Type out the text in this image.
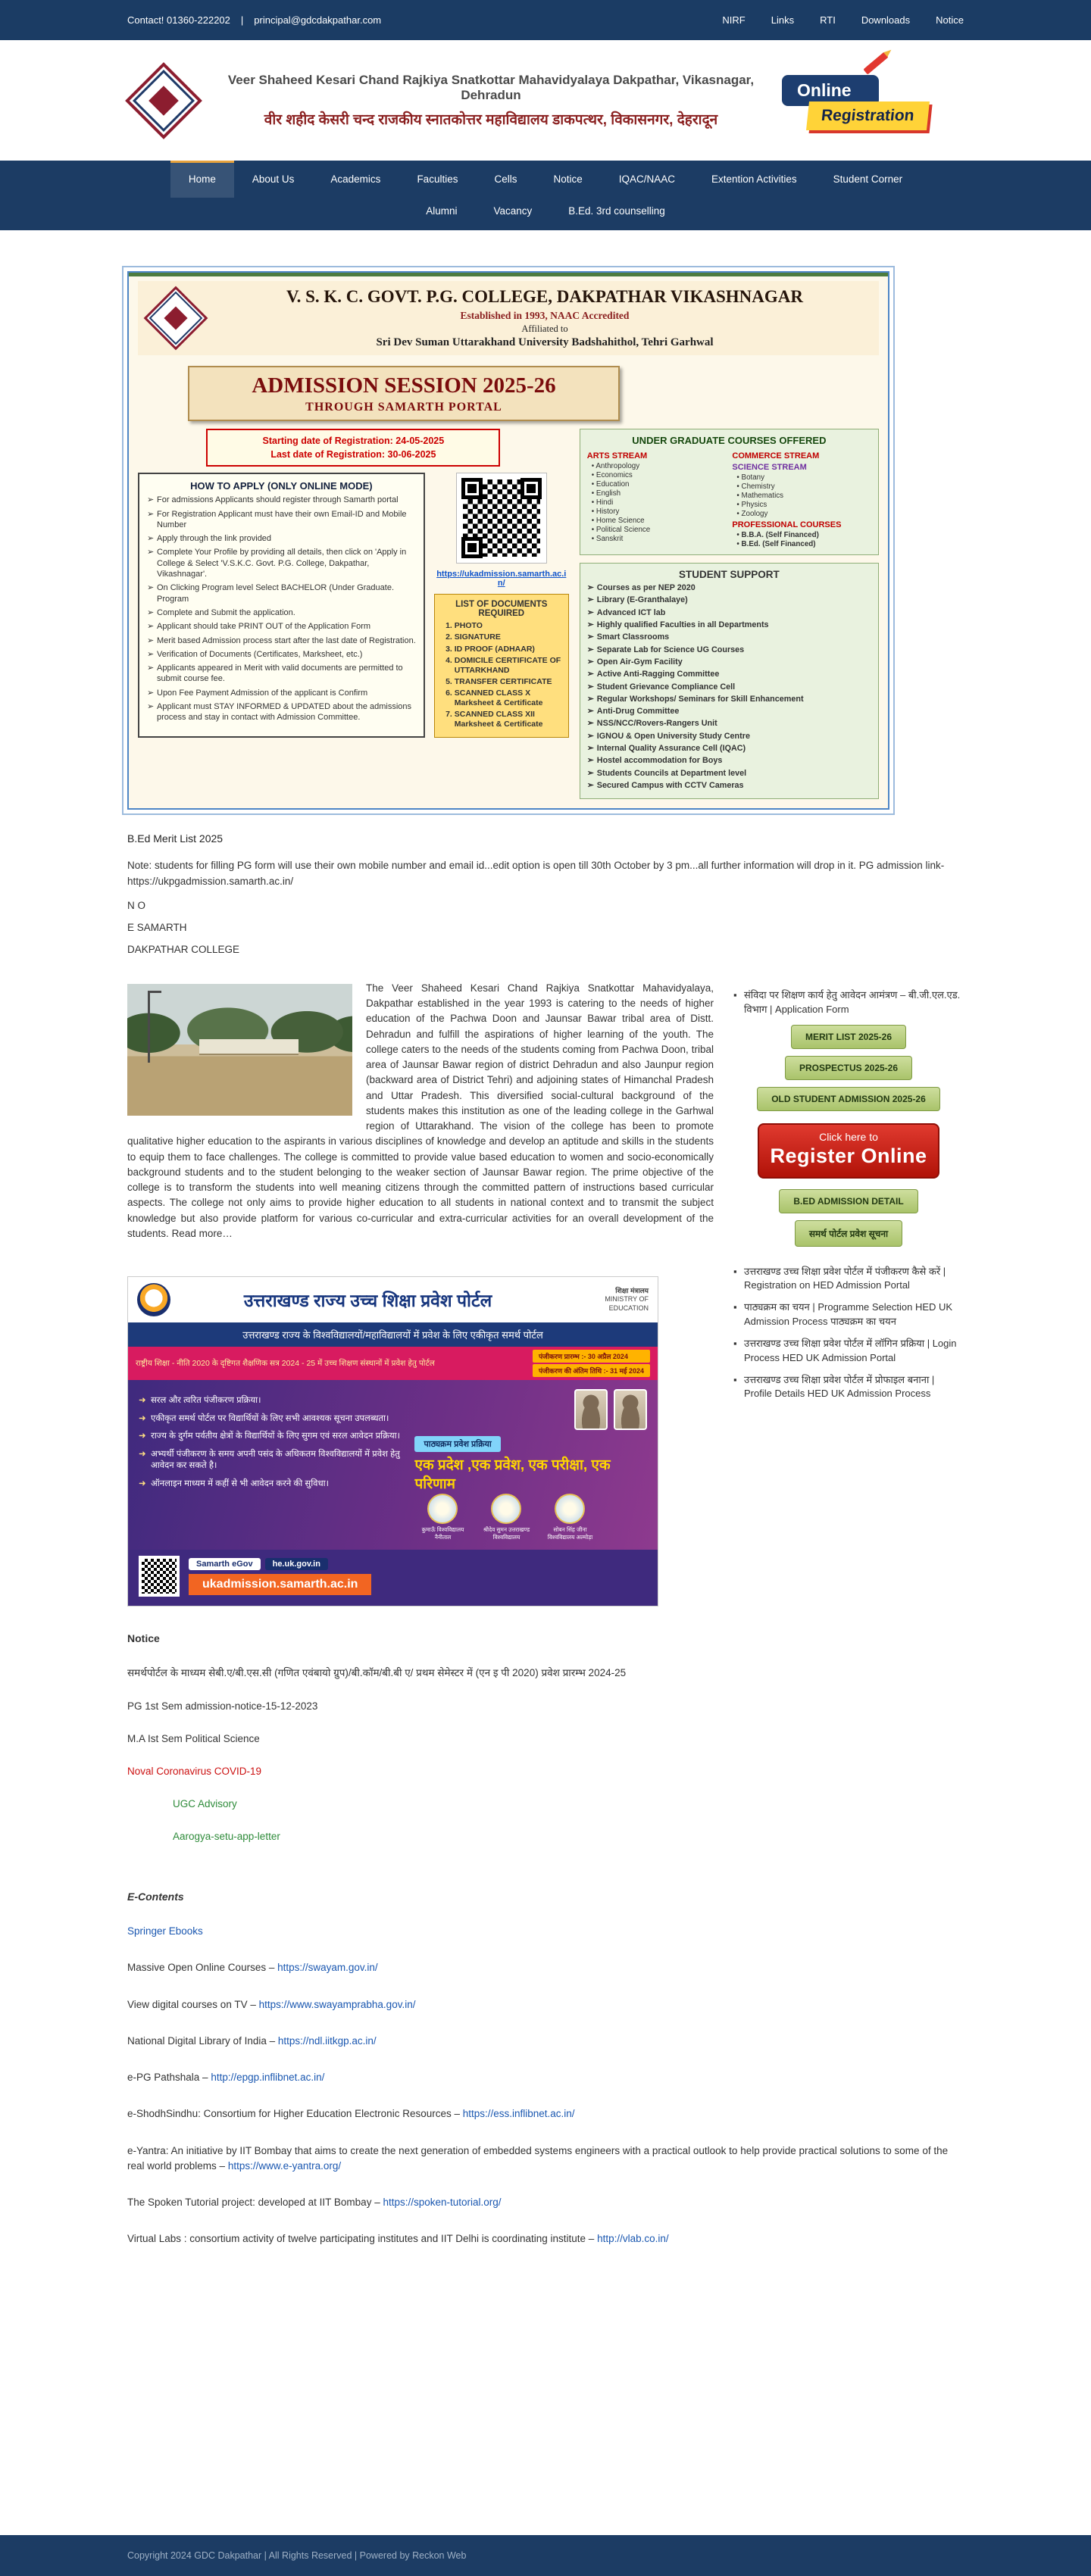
Contact! 01360-222202 | principal@gdcdakpathar.com	NIRF	Links	RTI	Downloads	Notice
Veer Shaheed Kesari Chand Rajkiya Snatkottar Mahavidyalaya Dakpathar, Vikasnagar, Dehradun
वीर शहीद केसरी चन्द राजकीय स्नातकोत्तर महाविद्यालय डाकपत्थर, विकासनगर, देहरादून
Online
Registration
Home	About Us	Academics	Faculties	Cells	Notice	IQAC/NAAC	Extention Activities	Student Corner
Alumni	Vacancy	B.Ed. 3rd counselling
V. S. K. C. GOVT. P.G. COLLEGE, DAKPATHAR VIKASHNAGAR
Established in 1993, NAAC Accredited
Affiliated to
Sri Dev Suman Uttarakhand University Badshahithol, Tehri Garhwal
ADMISSION SESSION 2025-26
THROUGH SAMARTH PORTAL
Starting date of Registration: 24-05-2025
Last date of Registration: 30-06-2025
HOW TO APPLY (ONLY ONLINE MODE)
➢ For admissions Applicants should register through Samarth portal
➢ For Registration Applicant must have their own Email-ID and Mobile Number
➢ Apply through the link provided
➢ Complete Your Profile by providing all details, then click on 'Apply in College & Select 'V.S.K.C. Govt. P.G. College, Dakpathar, Vikashnagar'.
➢ On Clicking Program level Select BACHELOR (Under Graduate. Program
➢ Complete and Submit the application.
➢ Applicant should take PRINT OUT of the Application Form
➢ Merit based Admission process start after the last date of Registration.
➢ Verification of Documents (Certificates, Marksheet, etc.)
➢ Applicants appeared in Merit with valid documents are permitted to submit course fee.
➢ Upon Fee Payment Admission of the applicant is Confirm
➢ Applicant must STAY INFORMED & UPDATED about the admissions process and stay in contact with Admission Committee.
https://ukadmission.samarth.ac.in/
LIST OF DOCUMENTS REQUIRED
1. PHOTO
2. SIGNATURE
3. ID PROOF (ADHAAR)
4. DOMICILE CERTIFICATE OF UTTARKHAND
5. TRANSFER CERTIFICATE
6. SCANNED CLASS X Marksheet & Certificate
7. SCANNED CLASS XII Marksheet & Certificate
UNDER GRADUATE COURSES OFFERED
ARTS STREAM
• Anthropology
• Economics
• Education
• English
• Hindi
• History
• Home Science
• Political Science
• Sanskrit
COMMERCE STREAM
SCIENCE STREAM
• Botany
• Chemistry
• Mathematics
• Physics
• Zoology
PROFESSIONAL COURSES
• B.B.A. (Self Financed)
• B.Ed. (Self Financed)
STUDENT SUPPORT
➢ Courses as per NEP 2020
➢ Library (E-Granthalaye)
➢ Advanced ICT lab
➢ Highly qualified Faculties in all Departments
➢ Smart Classrooms
➢ Separate Lab for Science UG Courses
➢ Open Air-Gym Facility
➢ Active Anti-Ragging Committee
➢ Student Grievance Compliance Cell
➢ Regular Workshops/ Seminars for Skill Enhancement
➢ Anti-Drug Committee
➢ NSS/NCC/Rovers-Rangers Unit
➢ IGNOU & Open University Study Centre
➢ Internal Quality Assurance Cell (IQAC)
➢ Hostel accommodation for Boys
➢ Students Councils at Department level
➢ Secured Campus with CCTV Cameras
B.Ed Merit List 2025

Note: students for filling PG form will use their own mobile number and email id...edit option is open till 30th October by 3 pm...all further information will drop in it. PG admission link- https://ukpgadmission.samarth.ac.in/

N O

E SAMARTH

DAKPATHAR COLLEGE

The Veer Shaheed Kesari Chand Rajkiya Snatkottar Mahavidyalaya, Dakpathar established in the year 1993 is catering to the needs of higher education of the Pachwa Doon and Jaunsar Bawar tribal area of Distt. Dehradun and fulfill the aspirations of higher learning of the youth. The college caters to the needs of the students coming from Pachwa Doon, tribal area of Jaunsar Bawar region of district Dehradun and also Jaunpur region (backward area of District Tehri) and adjoining states of Himanchal Pradesh and Uttar Pradesh. This diversified social-cultural background of the students makes this institution as one of the leading college in the Garhwal region of Uttarakhand. The vision of the college has been to promote qualitative higher education to the aspirants in various disciplines of knowledge and develop an aptitude and skills in the students to equip them to face challenges. The college is committed to provide value based education to women and socio-economically background students and to the student belonging to the weaker section of Jaunsar Bawar region. The prime objective of the college is to transform the students into well meaning citizens through the committed pattern of instructions based curricular aspects. The college not only aims to provide higher education to all students in national context and to transmit the subject knowledge but also provide platform for various co-curricular and extra-curricular activities for an overall development of the students. Read more…

उत्तराखण्ड राज्य उच्च शिक्षा प्रवेश पोर्टल
शिक्षा मंत्रालय
MINISTRY OF EDUCATION
उत्तराखण्ड राज्य के विश्वविद्यालयों/महाविद्यालयों में प्रवेश के लिए एकीकृत समर्थ पोर्टल
राष्ट्रीय शिक्षा - नीति 2020 के दृष्टिगत शैक्षणिक सत्र 2024 - 25 में उच्च शिक्षण संस्थानों में प्रवेश हेतु पोर्टल
पंजीकरण प्रारम्भ :- 30 अप्रैल 2024
पंजीकरण की अंतिम तिथि :- 31 मई 2024
➜ सरल और त्वरित पंजीकरण प्रक्रिया।
➜ एकीकृत समर्थ पोर्टल पर विद्यार्थियों के लिए सभी आवश्यक सूचना उपलब्धता।
➜ राज्य के दुर्गम पर्वतीय क्षेत्रों के विद्यार्थियों के लिए सुगम एवं सरल आवेदन प्रक्रिया।
➜ अभ्यर्थी पंजीकरण के समय अपनी पसंद के अधिकतम विश्वविद्यालयों में प्रवेश हेतु आवेदन कर सकते है।
➜ ऑनलाइन माध्यम में कहीं से भी आवेदन करने की सुविधा।
पाठ्यक्रम प्रवेश प्रक्रिया
एक प्रदेश ,एक प्रवेश, एक परीक्षा, एक परिणाम
कुमाऊँ विश्वविद्यालय नैनीताल
श्रीदेव सुमन उत्तराखण्ड विश्वविद्यालय
सोबन सिंह जीना विश्वविद्यालय अल्मोड़ा
Samarth eGov	he.uk.gov.in
ukadmission.samarth.ac.in
▪ संविदा पर शिक्षण कार्य हेतु आवेदन आमंत्रण – बी.जी.एल.एड. विभाग | Application Form
MERIT LIST 2025-26
PROSPECTUS 2025-26
OLD STUDENT ADMISSION 2025-26
Click here to
Register Online
B.ED ADMISSION DETAIL
समर्थ पोर्टल प्रवेश सूचना
▪ उत्तराखण्ड उच्च शिक्षा प्रवेश पोर्टल में पंजीकरण कैसे करें | Registration on HED Admission Portal
▪ पाठ्यक्रम का चयन | Programme Selection HED UK Admission Process पाठ्यक्रम का चयन
▪ उत्तराखण्ड उच्च शिक्षा प्रवेश पोर्टल में लॉगिन प्रक्रिया | Login Process HED UK Admission Portal
▪ उत्तराखण्ड उच्च शिक्षा प्रवेश पोर्टल में प्रोफाइल बनाना | Profile Details HED UK Admission Process
Notice

समर्थपोर्टल के माध्यम सेबी.ए/बी.एस.सी (गणित एवंबायो ग्रुप)/बी.कॉम/बी.बी ए/ प्रथम सेमेस्टर में (एन इ पी 2020) प्रवेश प्रारम्भ 2024-25

PG 1st Sem admission-notice-15-12-2023

M.A Ist Sem Political Science

Noval Coronavirus COVID-19

UGC Advisory

Aarogya-setu-app-letter

E-Contents

Springer Ebooks

Massive Open Online Courses – https://swayam.gov.in/

View digital courses on TV – https://www.swayamprabha.gov.in/

National Digital Library of India – https://ndl.iitkgp.ac.in/

e-PG Pathshala – http://epgp.inflibnet.ac.in/

e-ShodhSindhu: Consortium for Higher Education Electronic Resources – https://ess.inflibnet.ac.in/

e-Yantra: An initiative by IIT Bombay that aims to create the next generation of embedded systems engineers with a practical outlook to help provide practical solutions to some of the real world problems – https://www.e-yantra.org/

The Spoken Tutorial project: developed at IIT Bombay – https://spoken-tutorial.org/

Virtual Labs : consortium activity of twelve participating institutes and IIT Delhi is coordinating institute – http://vlab.co.in/

Copyright 2024 GDC Dakpathar | All Rights Reserved | Powered by Reckon Web
